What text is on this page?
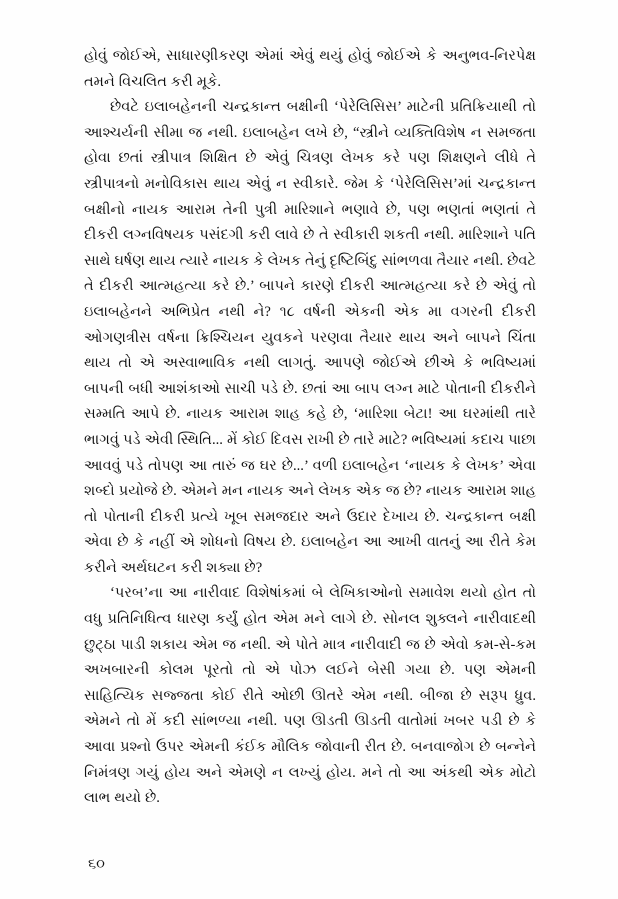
હોવું જોઈએ, સાધારણીકરણ એમાં એવું થયું હોવું જોઈએ કે અનુભવ-નિરપેક્ષ તમને વિચલિત કરી મૂકે.

છેવટે ઇલાબહેનની ચન્દ્રકાન્ત બક્ષીની ‘પેરેલિસિસ’ માટેની પ્રતિક્રિયાથી તો આશ્ચર્યની સીમા જ નથી. ઇલાબહેન લખે છે, “સ્ત્રીને વ્યક્તિવિશેષ ન સમજતા હોવા છતાં સ્ત્રીપાત્ર શિક્ષિત છે એવું ચિત્રણ લેખક કરે પણ શિક્ષણને લીધે તે સ્ત્રીપાત્રનો મનોવિકાસ થાય એવું ન સ્વીકારે. જેમ કે ‘પેરેલિસિસ’માં ચન્દ્રકાન્ત બક્ષીનો નાયક આરામ તેની પુત્રી મારિશાને ભણાવે છે, પણ ભણતાં ભણતાં તે દીકરી લગ્નવિષયક પસંદગી કરી લાવે છે તે સ્વીકારી શકતી નથી. મારિશાને પતિ સાથે ઘર્ષણ થાય ત્યારે નાયક કે લેખક તેનું દૃષ્ટિબિંદુ સાંભળવા તૈયાર નથી. છેવટે તે દીકરી આત્મહત્યા કરે છે.’ બાપને કારણે દીકરી આત્મહત્યા કરે છે એવું તો ઇલાબહેનને અભિપ્રેત નથી ને? ૧૮ વર્ષની એકની એક મા વગરની દીકરી ઓગણત્રીસ વર્ષના ક્રિશ્ચિયન યુવકને પરણવા તૈયાર થાય અને બાપને ચિંતા થાય તો એ અસ્વાભાવિક નથી લાગતું. આપણે જોઈએ છીએ કે ભવિષ્યમાં બાપની બધી આશંકાઓ સાચી પડે છે. છતાં આ બાપ લગ્ન માટે પોતાની દીકરીને સમ્મતિ આપે છે. નાયક આરામ શાહ કહે છે, ‘મારિશા બેટા! આ ઘરમાંથી તારે ભાગવું પડે એવી સ્થિતિ... મેં કોઈ દિવસ રાખી છે તારે માટે? ભવિષ્યમાં કદાચ પાછા આવવું પડે તોપણ આ તારું જ ઘર છે...’ વળી ઇલાબહેન ‘નાયક કે લેખક’ એવા શબ્દો પ્રયોજે છે. એમને મન નાયક અને લેખક એક જ છે? નાયક આરામ શાહ તો પોતાની દીકરી પ્રત્યે ખૂબ સમજદાર અને ઉદાર દેખાય છે. ચન્દ્રકાન્ત બક્ષી એવા છે કે નહીં એ શોધનો વિષય છે. ઇલાબહેન આ આખી વાતનું આ રીતે કેમ કરીને અર્થઘટન કરી શક્યા છે?

‘પરબ’ના આ નારીવાદ વિશેષાંકમાં બે લેખિકાઓનો સમાવેશ થયો હોત તો વધુ પ્રતિનિધિત્વ ધારણ કર્યું હોત એમ મને લાગે છે. સોનલ શુક્લને નારીવાદથી છુટ્ઠા પાડી શકાય એમ જ નથી. એ પોતે માત્ર નારીવાદી જ છે એવો કમ-સે-કમ અખબારની કોલમ પૂરતો તો એ પોઝ લઈને બેસી ગયા છે. પણ એમની સાહિત્યિક સજ્જતા કોઈ રીતે ઓછી ઊતરે એમ નથી. બીજા છે સરૂપ ધ્રુવ. એમને તો મેં કદી સાંભળ્યા નથી. પણ ઊડતી ઊડતી વાતોમાં ખબર પડી છે કે આવા પ્રશ્નો ઉપર એમની કંઈક મૌલિક જોવાની રીત છે. બનવાજોગ છે બન્નેને નિમંત્રણ ગયું હોય અને એમણે ન લખ્યું હોય. મને તો આ અંકથી એક મોટો લાભ થયો છે.

૬૦
